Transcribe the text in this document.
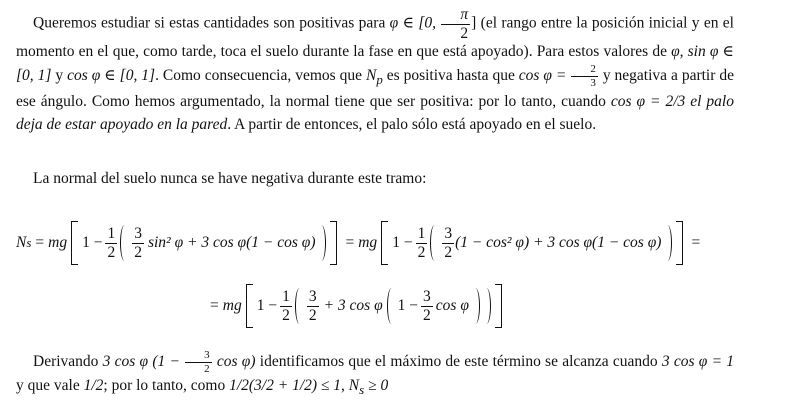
Queremos estudiar si estas cantidades son positivas para φ ∈ [0, $\frac{\pi}{2}$ ] (el rango entre la posición inicial y en el momento en el que, como tarde, toca el suelo durante la fase en que está apoyado). Para estos valores de φ, sin φ ∈ [0, 1] y cos φ ∈ [0, 1]. Como consecuencia, vemos que $N_p$ es positiva hasta que $\cos \varphi = \frac{2}{3}$ y negativa a partir de ese ángulo. Como hemos argumentado, la normal tiene que ser positiva: por lo tanto, cuando cos φ = 2/3 el palo deja de estar apoyado en la pared. A partir de entonces, el palo sólo está apoyado en el suelo.
La normal del suelo nunca se have negativa durante este tramo:
N s = mg $1 - \frac{1}{2} \frac{3}{2} \sin^2$ φ + 3 cos φ(1 − cos φ) = mg $1 - \frac{1}{2} \frac{3}{2} (1 - \cos^2$ φ) + 3 cos φ(1 − cos φ) =
= mg $1 - \frac{1}{2} \frac{3}{2} + 3$ cos φ $1 - \frac{3}{2}$ cos φ
Derivando 3 cos φ ($1 - \frac{3}{2}$ cos φ) identificamos que el máximo de este término se alcanza cuando 3 cos φ = 1 y que vale 1/2; por lo tanto, como 1/2(3/2 + 1/2) ≤ 1, $N_s \ge 0$
